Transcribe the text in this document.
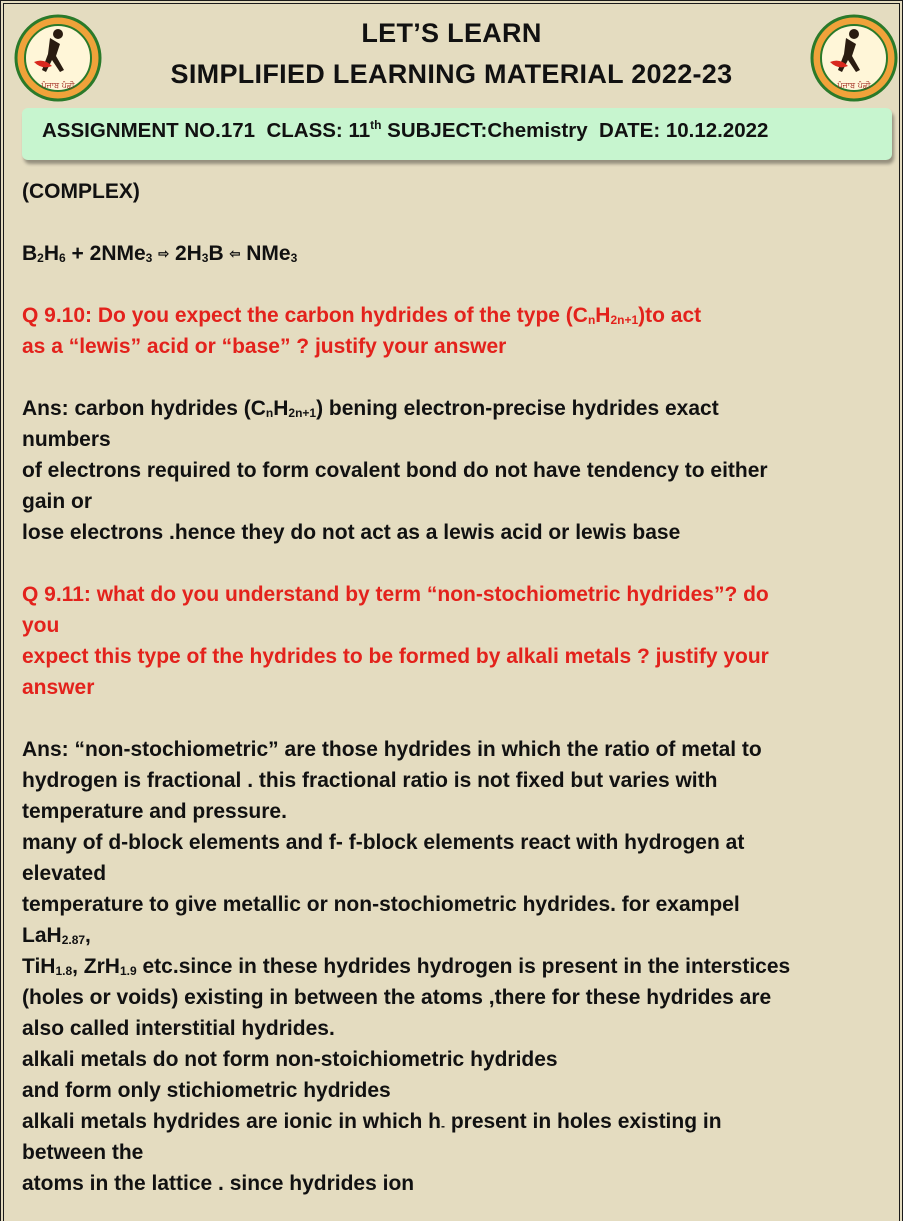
ਪੰਜਾਬ ਪੰਛੀ	ਪੰਜਾਬ ਪੰਛੀ
LET’S LEARN
SIMPLIFIED LEARNING MATERIAL 2022-23
ASSIGNMENT NO.171 CLASS: 11th SUBJECT:Chemistry DATE: 10.12.2022

(COMPLEX)

$B_2H_6 + 2NMe_3$ ⇨ $2H_3B$ ⇦ NMe$_3$

Q 9.10: Do you expect the carbon hydrides of the type $(C_nH_{2n+1})to$ act

as a “lewis” acid or “base” ? justify your answer

Ans: carbon hydrides $(C_nH_{2n+1})$ bening electron-precise hydrides exact

numbers

of electrons required to form covalent bond do not have tendency to either

gain or

lose electrons .hence they do not act as a lewis acid or lewis base

Q 9.11: what do you understand by term “non-stochiometric hydrides”? do

you

expect this type of the hydrides to be formed by alkali metals ? justify your

answer

Ans: “non-stochiometric” are those hydrides in which the ratio of metal to

hydrogen is fractional . this fractional ratio is not fixed but varies with

temperature and pressure.

many of d-block elements and f- f-block elements react with hydrogen at

elevated

temperature to give metallic or non-stochiometric hydrides. for exampel

LaH$_{2.87}$,

TiH$_{1.8}$, ZrH$_{1.9}$ etc.since in these hydrides hydrogen is present in the interstices

(holes or voids) existing in between the atoms ,there for these hydrides are

also called interstitial hydrides.

alkali metals do not form non-stoichiometric hydrides

and form only stichiometric hydrides

alkali metals hydrides are ionic in which $h_-$ present in holes existing in

between the

atoms in the lattice . since hydrides ion
